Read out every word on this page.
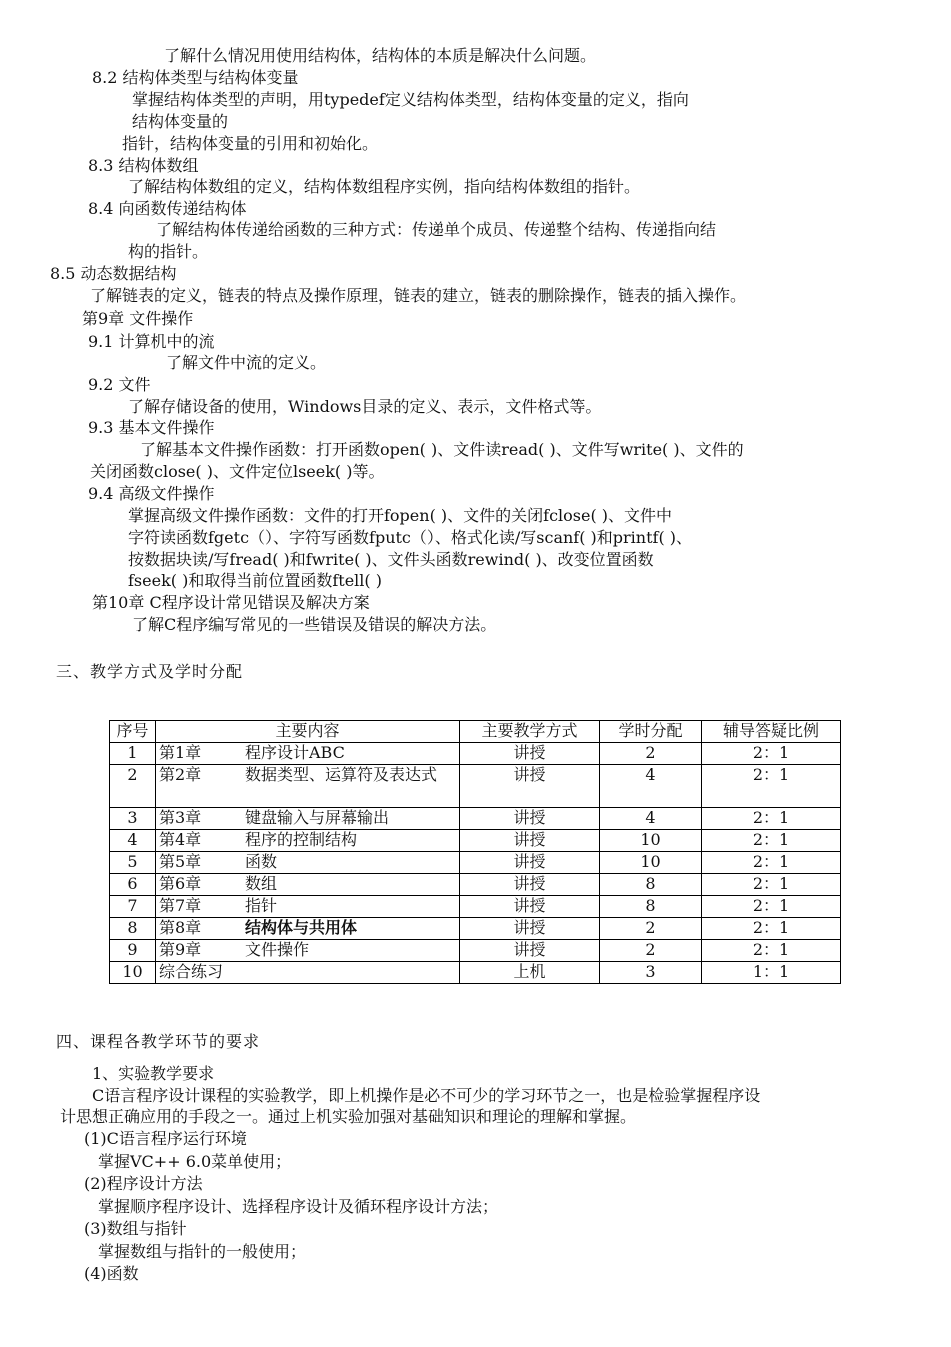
了解什么情况用使用结构体，结构体的本质是解决什么问题。
8.2 结构体类型与结构体变量
掌握结构体类型的声明，用typedef定义结构体类型，结构体变量的定义，指向
结构体变量的
指针，结构体变量的引用和初始化。
8.3 结构体数组
了解结构体数组的定义，结构体数组程序实例，指向结构体数组的指针。
8.4 向函数传递结构体
了解结构体传递给函数的三种方式：传递单个成员、传递整个结构、传递指向结
构的指针。
8.5 动态数据结构
了解链表的定义，链表的特点及操作原理，链表的建立，链表的删除操作，链表的插入操作。
第9章 文件操作
9.1 计算机中的流
了解文件中流的定义。
9.2 文件
了解存储设备的使用，Windows目录的定义、表示，文件格式等。
9.3 基本文件操作
了解基本文件操作函数：打开函数open( )、文件读read( )、文件写write( )、文件的
关闭函数close( )、文件定位lseek( )等。
9.4 高级文件操作
掌握高级文件操作函数：文件的打开fopen( )、文件的关闭fclose( )、文件中
字符读函数fgetc（）、字符写函数fputc（）、格式化读/写scanf( )和printf( )、
按数据块读/写fread( )和fwrite( )、文件头函数rewind( )、改变位置函数
fseek( )和取得当前位置函数ftell( )
第10章 C程序设计常见错误及解决方案
了解C程序编写常见的一些错误及错误的解决方法。
三、教学方式及学时分配
序号	主要内容	主要教学方式	学时分配	辅导答疑比例
1	第1章 程序设计ABC	讲授	2	2：1
2	第2章 数据类型、运算符及表达式	讲授	4	2：1
3	第3章 键盘输入与屏幕输出	讲授	4	2：1
4	第4章 程序的控制结构	讲授	10	2：1
5	第5章 函数	讲授	10	2：1
6	第6章 数组	讲授	8	2：1
7	第7章 指针	讲授	8	2：1
8	第8章 结构体与共用体	讲授	2	2：1
9	第9章 文件操作	讲授	2	2：1
10	综合练习	上机	3	1：1
四、课程各教学环节的要求
1、实验教学要求
C语言程序设计课程的实验教学，即上机操作是必不可少的学习环节之一，也是检验掌握程序设
计思想正确应用的手段之一。通过上机实验加强对基础知识和理论的理解和掌握。
(1)C语言程序运行环境
掌握VC++ 6.0菜单使用；
(2)程序设计方法
掌握顺序程序设计、选择程序设计及循环程序设计方法；
(3)数组与指针
掌握数组与指针的一般使用；
(4)函数
